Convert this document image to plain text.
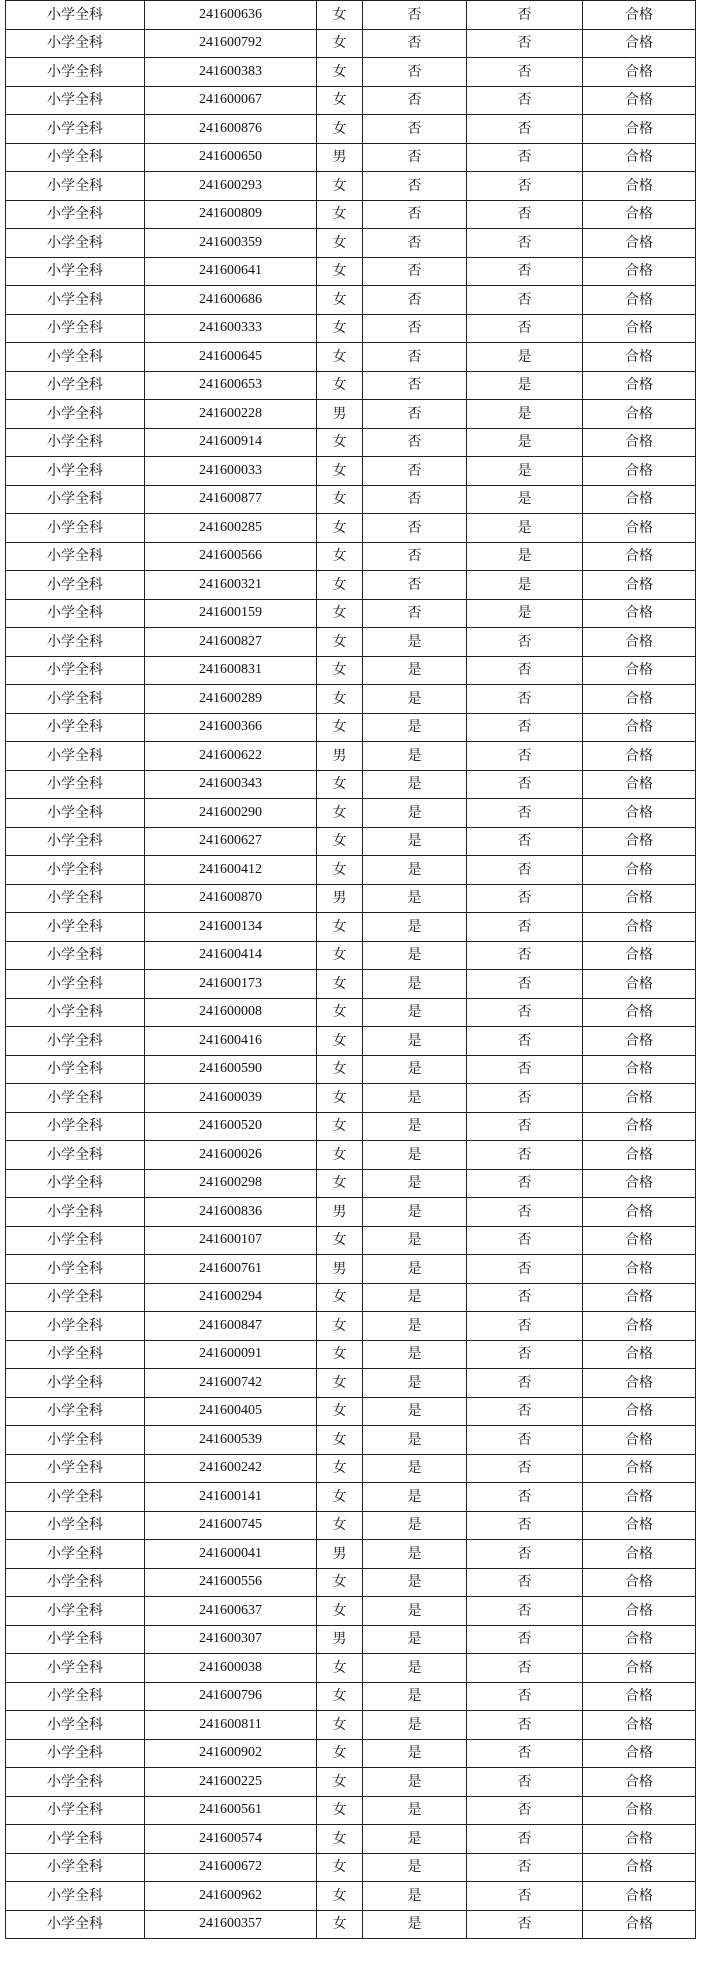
小学全科	241600636	女	否	否	合格
小学全科	241600792	女	否	否	合格
小学全科	241600383	女	否	否	合格
小学全科	241600067	女	否	否	合格
小学全科	241600876	女	否	否	合格
小学全科	241600650	男	否	否	合格
小学全科	241600293	女	否	否	合格
小学全科	241600809	女	否	否	合格
小学全科	241600359	女	否	否	合格
小学全科	241600641	女	否	否	合格
小学全科	241600686	女	否	否	合格
小学全科	241600333	女	否	否	合格
小学全科	241600645	女	否	是	合格
小学全科	241600653	女	否	是	合格
小学全科	241600228	男	否	是	合格
小学全科	241600914	女	否	是	合格
小学全科	241600033	女	否	是	合格
小学全科	241600877	女	否	是	合格
小学全科	241600285	女	否	是	合格
小学全科	241600566	女	否	是	合格
小学全科	241600321	女	否	是	合格
小学全科	241600159	女	否	是	合格
小学全科	241600827	女	是	否	合格
小学全科	241600831	女	是	否	合格
小学全科	241600289	女	是	否	合格
小学全科	241600366	女	是	否	合格
小学全科	241600622	男	是	否	合格
小学全科	241600343	女	是	否	合格
小学全科	241600290	女	是	否	合格
小学全科	241600627	女	是	否	合格
小学全科	241600412	女	是	否	合格
小学全科	241600870	男	是	否	合格
小学全科	241600134	女	是	否	合格
小学全科	241600414	女	是	否	合格
小学全科	241600173	女	是	否	合格
小学全科	241600008	女	是	否	合格
小学全科	241600416	女	是	否	合格
小学全科	241600590	女	是	否	合格
小学全科	241600039	女	是	否	合格
小学全科	241600520	女	是	否	合格
小学全科	241600026	女	是	否	合格
小学全科	241600298	女	是	否	合格
小学全科	241600836	男	是	否	合格
小学全科	241600107	女	是	否	合格
小学全科	241600761	男	是	否	合格
小学全科	241600294	女	是	否	合格
小学全科	241600847	女	是	否	合格
小学全科	241600091	女	是	否	合格
小学全科	241600742	女	是	否	合格
小学全科	241600405	女	是	否	合格
小学全科	241600539	女	是	否	合格
小学全科	241600242	女	是	否	合格
小学全科	241600141	女	是	否	合格
小学全科	241600745	女	是	否	合格
小学全科	241600041	男	是	否	合格
小学全科	241600556	女	是	否	合格
小学全科	241600637	女	是	否	合格
小学全科	241600307	男	是	否	合格
小学全科	241600038	女	是	否	合格
小学全科	241600796	女	是	否	合格
小学全科	241600811	女	是	否	合格
小学全科	241600902	女	是	否	合格
小学全科	241600225	女	是	否	合格
小学全科	241600561	女	是	否	合格
小学全科	241600574	女	是	否	合格
小学全科	241600672	女	是	否	合格
小学全科	241600962	女	是	否	合格
小学全科	241600357	女	是	否	合格
